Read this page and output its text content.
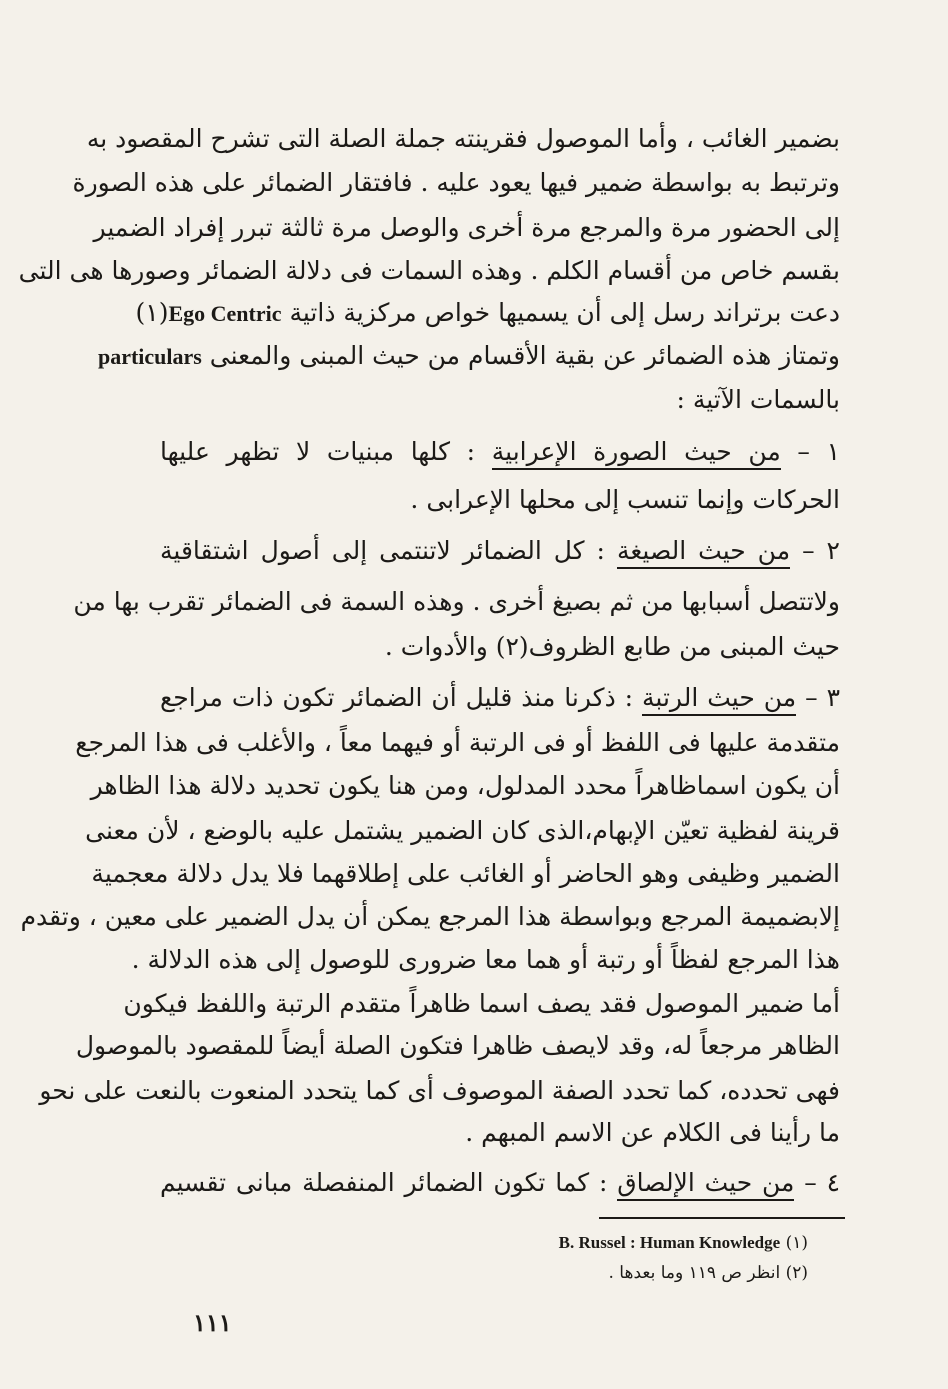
بضمير الغائب ، وأما الموصول فقرينته جملة الصلة التى تشرح المقصود به
وترتبط به بواسطة ضمير فيها يعود عليه . فافتقار الضمائر على هذه الصورة
إلى الحضور مرة والمرجع مرة أخرى والوصل مرة ثالثة تبرر إفراد الضمير
بقسم خاص من أقسام الكلم . وهذه السمات فى دلالة الضمائر وصورها هى التى
دعت برتراند رسل إلى أن يسميها خواص مركزية ذاتية Ego Centric(١)
وتمتاز هذه الضمائر عن بقية الأقسام من حيث المبنى والمعنى particulars
بالسمات الآتية :
١ – من حيث الصورة الإعرابية : كلها مبنيات لا تظهر عليها
الحركات وإنما تنسب إلى محلها الإعرابى .
٢ – من حيث الصيغة : كل الضمائر لاتنتمى إلى أصول اشتقاقية
ولاتتصل أسبابها من ثم بصيغ أخرى . وهذه السمة فى الضمائر تقرب بها من
حيث المبنى من طابع الظروف(٢) والأدوات .
٣ – من حيث الرتبة : ذكرنا منذ قليل أن الضمائر تكون ذات مراجع
متقدمة عليها فى اللفظ أو فى الرتبة أو فيهما معاً ، والأغلب فى هذا المرجع
أن يكون اسماظاهراً محدد المدلول، ومن هنا يكون تحديد دلالة هذا الظاهر
قرينة لفظية تعيّن الإبهام،الذى كان الضمير يشتمل عليه بالوضع ، لأن معنى
الضمير وظيفى وهو الحاضر أو الغائب على إطلاقهما فلا يدل دلالة معجمية
إلابضميمة المرجع وبواسطة هذا المرجع يمكن أن يدل الضمير على معين ، وتقدم
هذا المرجع لفظاً أو رتبة أو هما معا ضرورى للوصول إلى هذه الدلالة .
أما ضمير الموصول فقد يصف اسما ظاهراً متقدم الرتبة واللفظ فيكون
الظاهر مرجعاً له، وقد لايصف ظاهرا فتكون الصلة أيضاً للمقصود بالموصول
فهى تحدده، كما تحدد الصفة الموصوف أى كما يتحدد المنعوت بالنعت على نحو
ما رأينا فى الكلام عن الاسم المبهم .
٤ – من حيث الإلصاق : كما تكون الضمائر المنفصلة مبانى تقسيم
(١) B. Russel : Human Knowledge
(٢) انظر ص ١١٩ وما بعدها .
١١١
